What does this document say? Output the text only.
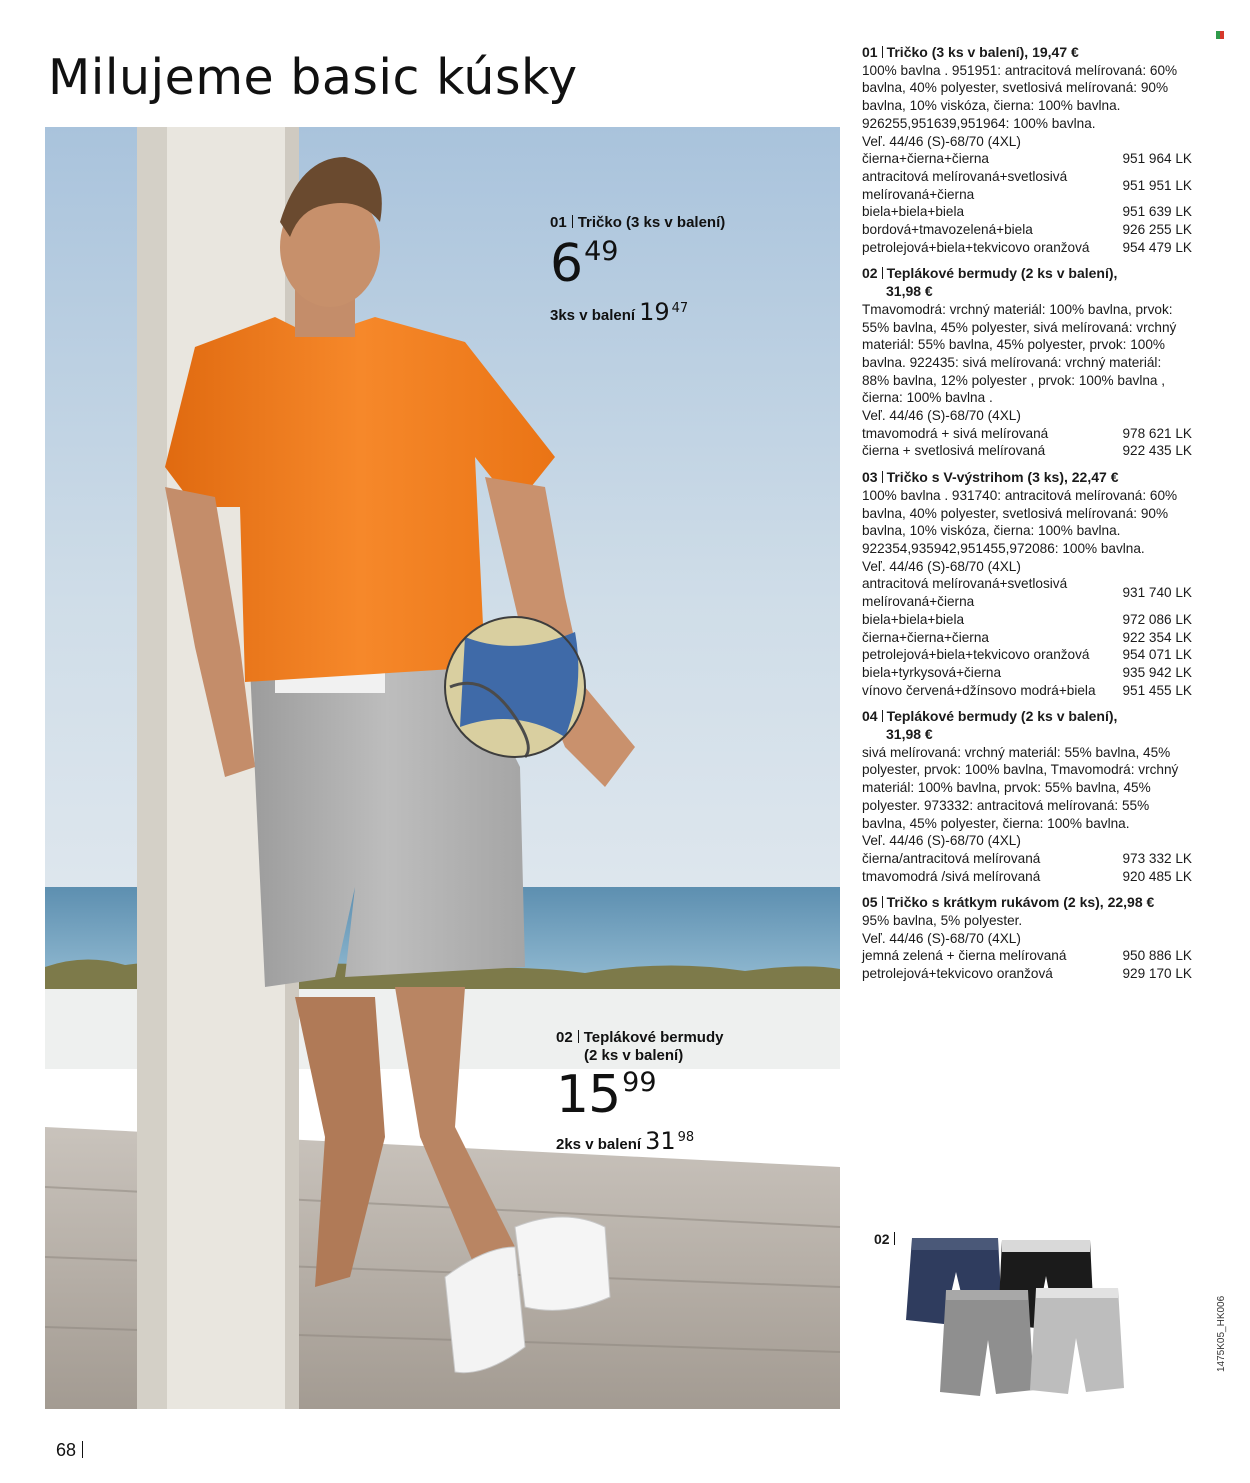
Milujeme basic kúsky
01 Tričko (3 ks v balení)
649
3ks v balení 19 47
02 Teplákové bermudy
(2 ks v balení)
1599
2ks v balení 31 98
01 Tričko (3 ks v balení), 19,47 €

100% bavlna . 951951: antracitová melírovaná: 60% bavlna, 40% polyester, svetlosivá melírovaná: 90% bavlna, 10% viskóza, čierna: 100% bavlna. 926255,951639,951964: 100% bavlna.

Veľ. 44/46 (S)-68/70 (4XL)

čierna+čierna+čierna	951 964 LK
antracitová melírovaná+svetlosivá melírovaná+čierna
951 951 LK
biela+biela+biela	951 639 LK
bordová+tmavozelená+biela	926 255 LK
petrolejová+biela+tekvicovo oranžová	954 479 LK
02 Teplákové bermudy (2 ks v balení),
31,98 €

Tmavomodrá: vrchný materiál: 100% bavlna, prvok: 55% bavlna, 45% polyester, sivá melírovaná: vrchný materiál: 55% bavlna, 45% polyester, prvok: 100% bavlna. 922435: sivá melírovaná: vrchný materiál: 88% bavlna, 12% polyester , prvok: 100% bavlna , čierna: 100% bavlna .

Veľ. 44/46 (S)-68/70 (4XL)

tmavomodrá + sivá melírovaná	978 621 LK
čierna + svetlosivá melírovaná	922 435 LK
03 Tričko s V-výstrihom (3 ks), 22,47 €

100% bavlna . 931740: antracitová melírovaná: 60% bavlna, 40% polyester, svetlosivá melírovaná: 90% bavlna, 10% viskóza, čierna: 100% bavlna. 922354,935942,951455,972086: 100% bavlna.

Veľ. 44/46 (S)-68/70 (4XL)

antracitová melírovaná+svetlosivá melírovaná+čierna
931 740 LK
biela+biela+biela	972 086 LK
čierna+čierna+čierna	922 354 LK
petrolejová+biela+tekvicovo oranžová	954 071 LK
biela+tyrkysová+čierna	935 942 LK
vínovo červená+džínsovo modrá+biela	951 455 LK
04 Teplákové bermudy (2 ks v balení),
31,98 €

sivá melírovaná: vrchný materiál: 55% bavlna, 45% polyester, prvok: 100% bavlna, Tmavomodrá: vrchný materiál: 100% bavlna, prvok: 55% bavlna, 45% polyester. 973332: antracitová melírovaná: 55% bavlna, 45% polyester, čierna: 100% bavlna.

Veľ. 44/46 (S)-68/70 (4XL)

čierna/antracitová melírovaná	973 332 LK
tmavomodrá /sivá melírovaná	920 485 LK
05 Tričko s krátkym rukávom (2 ks), 22,98 €

95% bavlna, 5% polyester.

Veľ. 44/46 (S)-68/70 (4XL)

jemná zelená + čierna melírovaná	950 886 LK
petrolejová+tekvicovo oranžová	929 170 LK
02
68
1475K05_HK006
